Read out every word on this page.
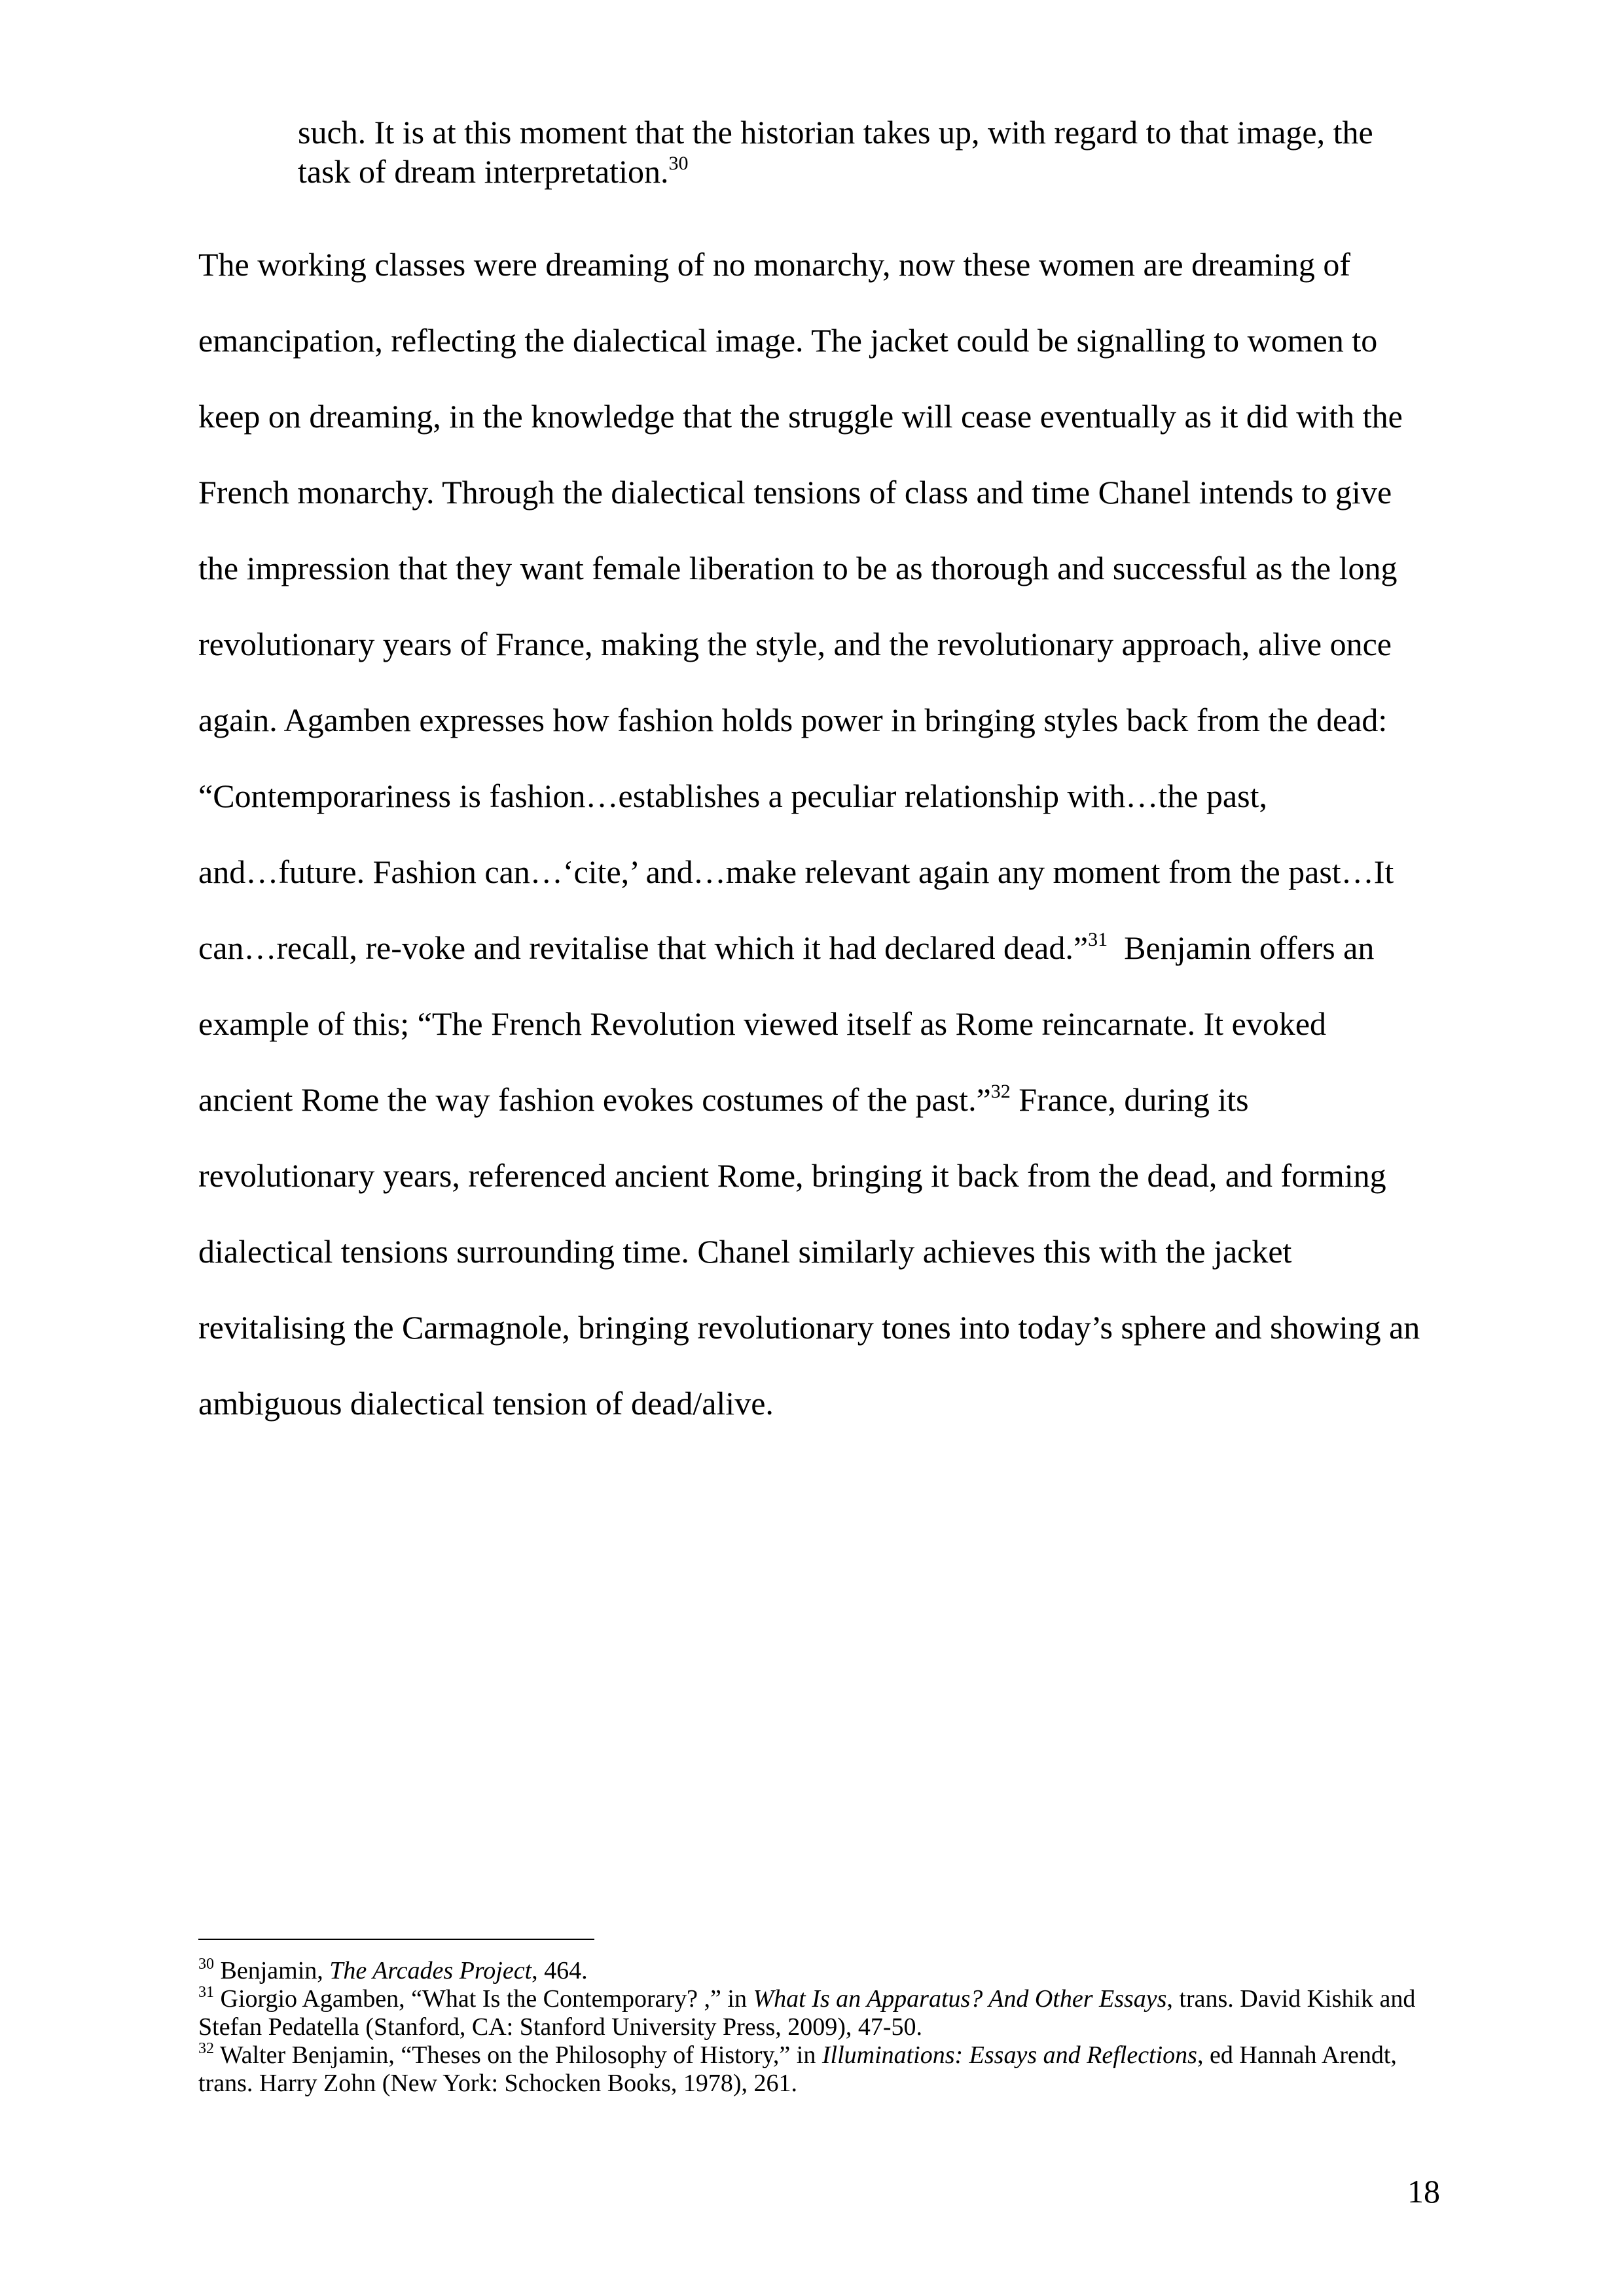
such. It is at this moment that the historian takes up, with regard to that image, the
task of dream interpretation.$^{30}$
The working classes were dreaming of no monarchy, now these women are dreaming of
emancipation, reflecting the dialectical image. The jacket could be signalling to women to
keep on dreaming, in the knowledge that the struggle will cease eventually as it did with the
French monarchy. Through the dialectical tensions of class and time Chanel intends to give
the impression that they want female liberation to be as thorough and successful as the long
revolutionary years of France, making the style, and the revolutionary approach, alive once
again. Agamben expresses how fashion holds power in bringing styles back from the dead:
“Contemporariness is fashion…establishes a peculiar relationship with…the past,
and…future. Fashion can…‘cite,’ and…make relevant again any moment from the past…It
can…recall, re-voke and revitalise that which it had declared dead.”$^{31}$  Benjamin offers an
example of this; “The French Revolution viewed itself as Rome reincarnate. It evoked
ancient Rome the way fashion evokes costumes of the past.”$^{32}$ France, during its
revolutionary years, referenced ancient Rome, bringing it back from the dead, and forming
dialectical tensions surrounding time. Chanel similarly achieves this with the jacket
revitalising the Carmagnole, bringing revolutionary tones into today’s sphere and showing an
ambiguous dialectical tension of dead/alive.
$^{30}$ Benjamin, The Arcades Project, 464.
$^{31}$ Giorgio Agamben, “What Is the Contemporary? ,” in What Is an Apparatus? And Other Essays, trans. David Kishik and Stefan Pedatella (Stanford, CA: Stanford University Press, 2009), 47-50.
$^{32}$ Walter Benjamin, “Theses on the Philosophy of History,” in Illuminations: Essays and Reflections, ed Hannah Arendt, trans. Harry Zohn (New York: Schocken Books, 1978), 261.
18
